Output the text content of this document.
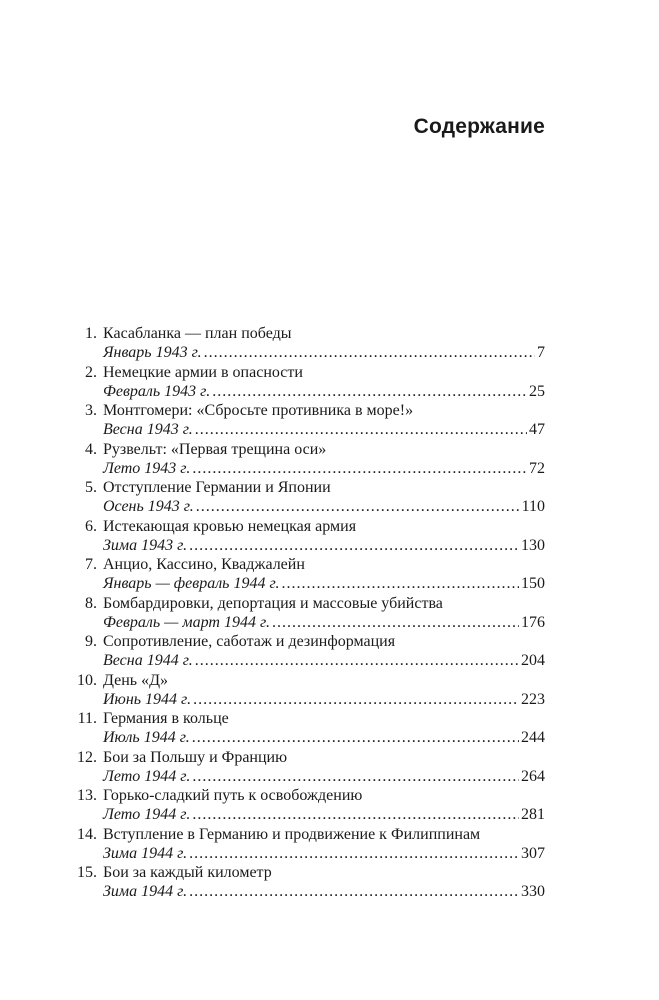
Содержание
1. Касабланка — план победы
Январь 1943 г. .....	7
2. Немецкие армии в опасности
Февраль 1943 г. .....	25
3. Монтгомери: «Сбросьте противника в море!»
Весна 1943 г. .....	47
4. Рузвельт: «Первая трещина оси»
Лето 1943 г. .....	72
5. Отступление Германии и Японии
Осень 1943 г. .....	110
6. Истекающая кровью немецкая армия
Зима 1943 г. .....	130
7. Анцио, Кассино, Кваджалейн
Январь — февраль 1944 г. .....	150
8. Бомбардировки, депортация и массовые убийства
Февраль — март 1944 г. .....	176
9. Сопротивление, саботаж и дезинформация
Весна 1944 г. .....	204
10. День «Д»
Июнь 1944 г. .....	223
11. Германия в кольце
Июль 1944 г. .....	244
12. Бои за Польшу и Францию
Лето 1944 г. .....	264
13. Горько-сладкий путь к освобождению
Лето 1944 г. .....	281
14. Вступление в Германию и продвижение к Филиппинам
Зима 1944 г. .....	307
15. Бои за каждый километр
Зима 1944 г. .....	330
